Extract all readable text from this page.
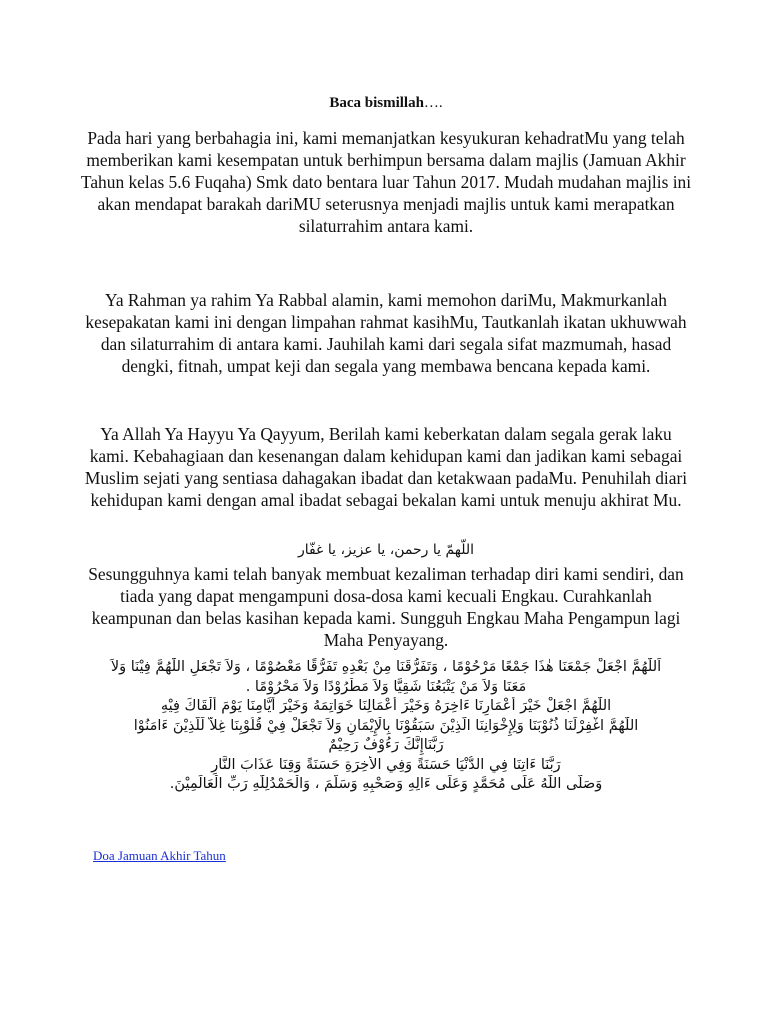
Baca bismillah….

Pada hari yang berbahagia ini, kami memanjatkan kesyukuran kehadratMu yang telah memberikan kami kesempatan untuk berhimpun bersama dalam majlis (Jamuan Akhir Tahun kelas 5.6 Fuqaha) Smk dato bentara luar Tahun 2017. Mudah mudahan majlis ini akan mendapat barakah dariMU seterusnya menjadi majlis untuk kami merapatkan silaturrahim antara kami.

Ya Rahman ya rahim Ya Rabbal alamin, kami memohon dariMu, Makmurkanlah kesepakatan kami ini dengan limpahan rahmat kasihMu, Tautkanlah ikatan ukhuwwah dan silaturrahim di antara kami. Jauhilah kami dari segala sifat mazmumah, hasad dengki, fitnah, umpat keji dan segala yang membawa bencana kepada kami.

Ya Allah Ya Hayyu Ya Qayyum, Berilah kami keberkatan dalam segala gerak laku kami. Kebahagiaan dan kesenangan dalam kehidupan kami dan jadikan kami sebagai Muslim sejati yang sentiasa dahagakan ibadat dan ketakwaan padaMu. Penuhilah diari kehidupan kami dengan amal ibadat sebagai bekalan kami untuk menuju akhirat Mu.

اللّهمّ يا رحمن، يا عزيز، يا غفّار

Sesungguhnya kami telah banyak membuat kezaliman terhadap diri kami sendiri, dan tiada yang dapat mengampuni dosa-dosa kami kecuali Engkau. Curahkanlah keampunan dan belas kasihan kepada kami. Sungguh Engkau Maha Pengampun lagi Maha Penyayang.

اَللّٰهُمَّ اجْعَلْ جَمْعَنَا هٰذَا جَمْعًا مَرْحُوْمًا ، وَتَفَرُّقَنَا مِنْ بَعْدِهِ تَفَرُّقًا مَعْصُوْمًا ، وَلاَ تَجْعَلِ اللّٰهُمَّ فِيْنَا وَلاَ
مَعَنَا وَلاَ مَنْ يَتْبَعُنَا شَقِيًّا وَلاَ مَطْرُوْدًا وَلاَ مَحْرُوْمًا .
اللّٰهُمَّ اجْعَلْ خَيْرَ أَعْمَارِنَا ءَاخِرَهُ وَخَيْرَ أَعْمَالِنَا خَوَاتِمَهُ وَخَيْرَ أَيَّامِنَا يَوْمَ أَلْقَاكَ فِيْهِ
اللّٰهُمَّ اغْفِرْلَنَا ذُنُوْبَنَا وَلِإِخْوَانِنَا الَّذِيْنَ سَبَقُوْنَا بِالْإِيْمَانِ وَلاَ تَجْعَلْ فِيْ قُلُوْبِنَا غِلاًّ لِّلَّذِيْنَ ءَامَنُوْا
رَبَّنَاإِنَّكَ رَءُوْفٌ رَحِيْمٌ
رَبَّنَا ءَاتِنَا فِي الدُّنْيَا حَسَنَةً وَفِي الأَخِرَةِ حَسَنَةً وَقِنَا عَذَابَ النَّارِ
وَصَلَّى اللّٰهُ عَلَى مُحَمَّدٍ وَعَلَى ءَالِهِ وَصَحْبِهِ وَسَلَّمَ ، وَالْحَمْدُلِلّٰهِ رَبِّ الْعَالَمِيْنَ.
Doa Jamuan Akhir Tahun
